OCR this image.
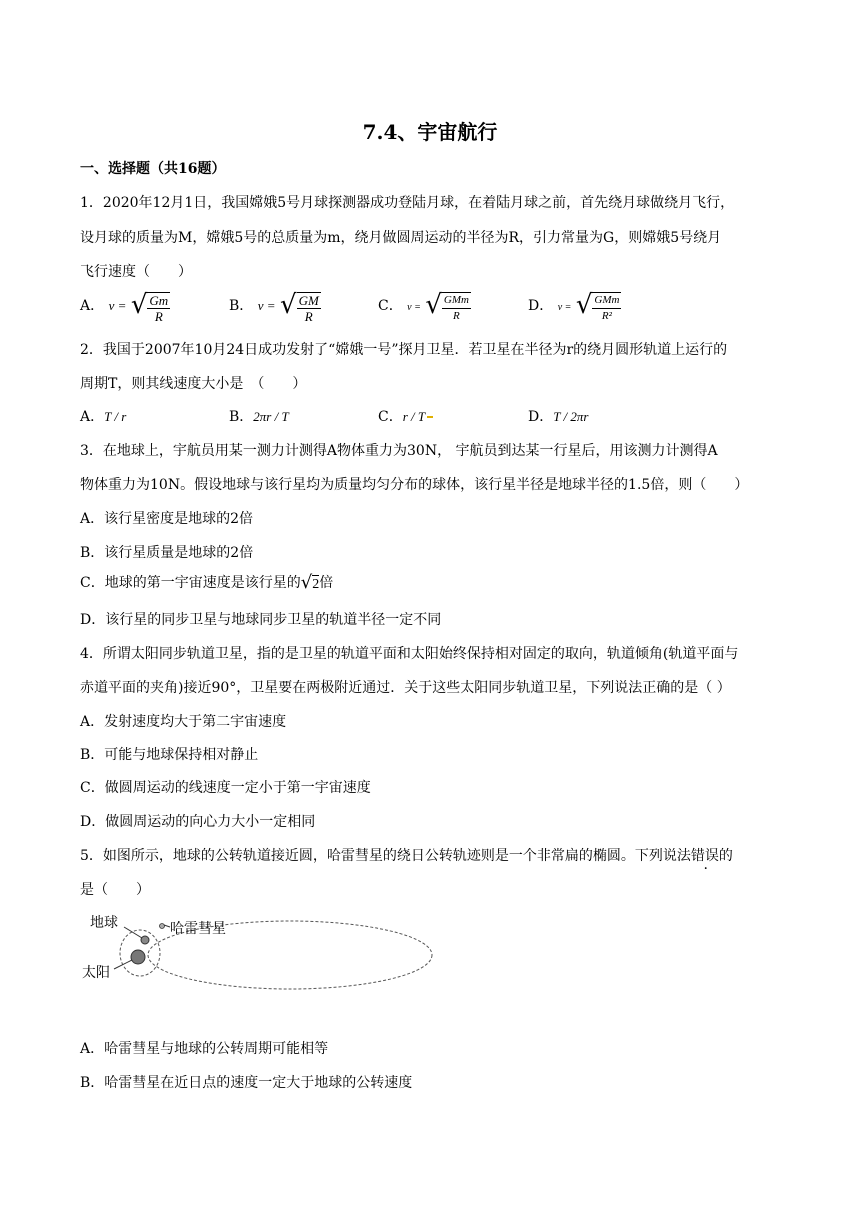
7.4、宇宙航行
一、选择题（共16题）
1．2020年12月1日，我国嫦娥5号月球探测器成功登陆月球，在着陆月球之前，首先绕月球做绕月飞行，
设月球的质量为M，嫦娥5号的总质量为m，绕月做圆周运动的半径为R，引力常量为G，则嫦娥5号绕月
飞行速度（　　）
A． v = √ $\frac{Gm}{R}$	B． v = √ $\frac{GM}{R}$	C． v = √ $\frac{\text{GMm}}{R}$	D． v = √ $\frac{\text{GMm}}{\text{R²}}$
2．我国于2007年10月24日成功发射了“嫦娥一号”探月卫星．若卫星在半径为r的绕月圆形轨道上运行的
周期T，则其线速度大小是　（　　）
A．T / r	B．2πr / T	C．r / T	D．T / 2πr
3．在地球上，宇航员用某一测力计测得A物体重力为30N， 宇航员到达某一行星后，用该测力计测得A
物体重力为10N。假设地球与该行星均为质量均匀分布的球体，该行星半径是地球半径的1.5倍，则（　　）
A．该行星密度是地球的2倍
B．该行星质量是地球的2倍
C．地球的第一宇宙速度是该行星的 √ 2 倍
D．该行星的同步卫星与地球同步卫星的轨道半径一定不同
4．所谓太阳同步轨道卫星，指的是卫星的轨道平面和太阳始终保持相对固定的取向，轨道倾角(轨道平面与
赤道平面的夹角)接近90°，卫星要在两极附近通过．关于这些太阳同步轨道卫星，下列说法正确的是（ ）
A．发射速度均大于第二宇宙速度
B．可能与地球保持相对静止
C．做圆周运动的线速度一定小于第一宇宙速度
D．做圆周运动的向心力大小一定相同
5．如图所示，地球的公转轨道接近圆，哈雷彗星的绕日公转轨迹则是一个非常扁的椭圆。下列说法错误的
是（　　）
地球	哈雷彗星
太阳
A．哈雷彗星与地球的公转周期可能相等
B．哈雷彗星在近日点的速度一定大于地球的公转速度
